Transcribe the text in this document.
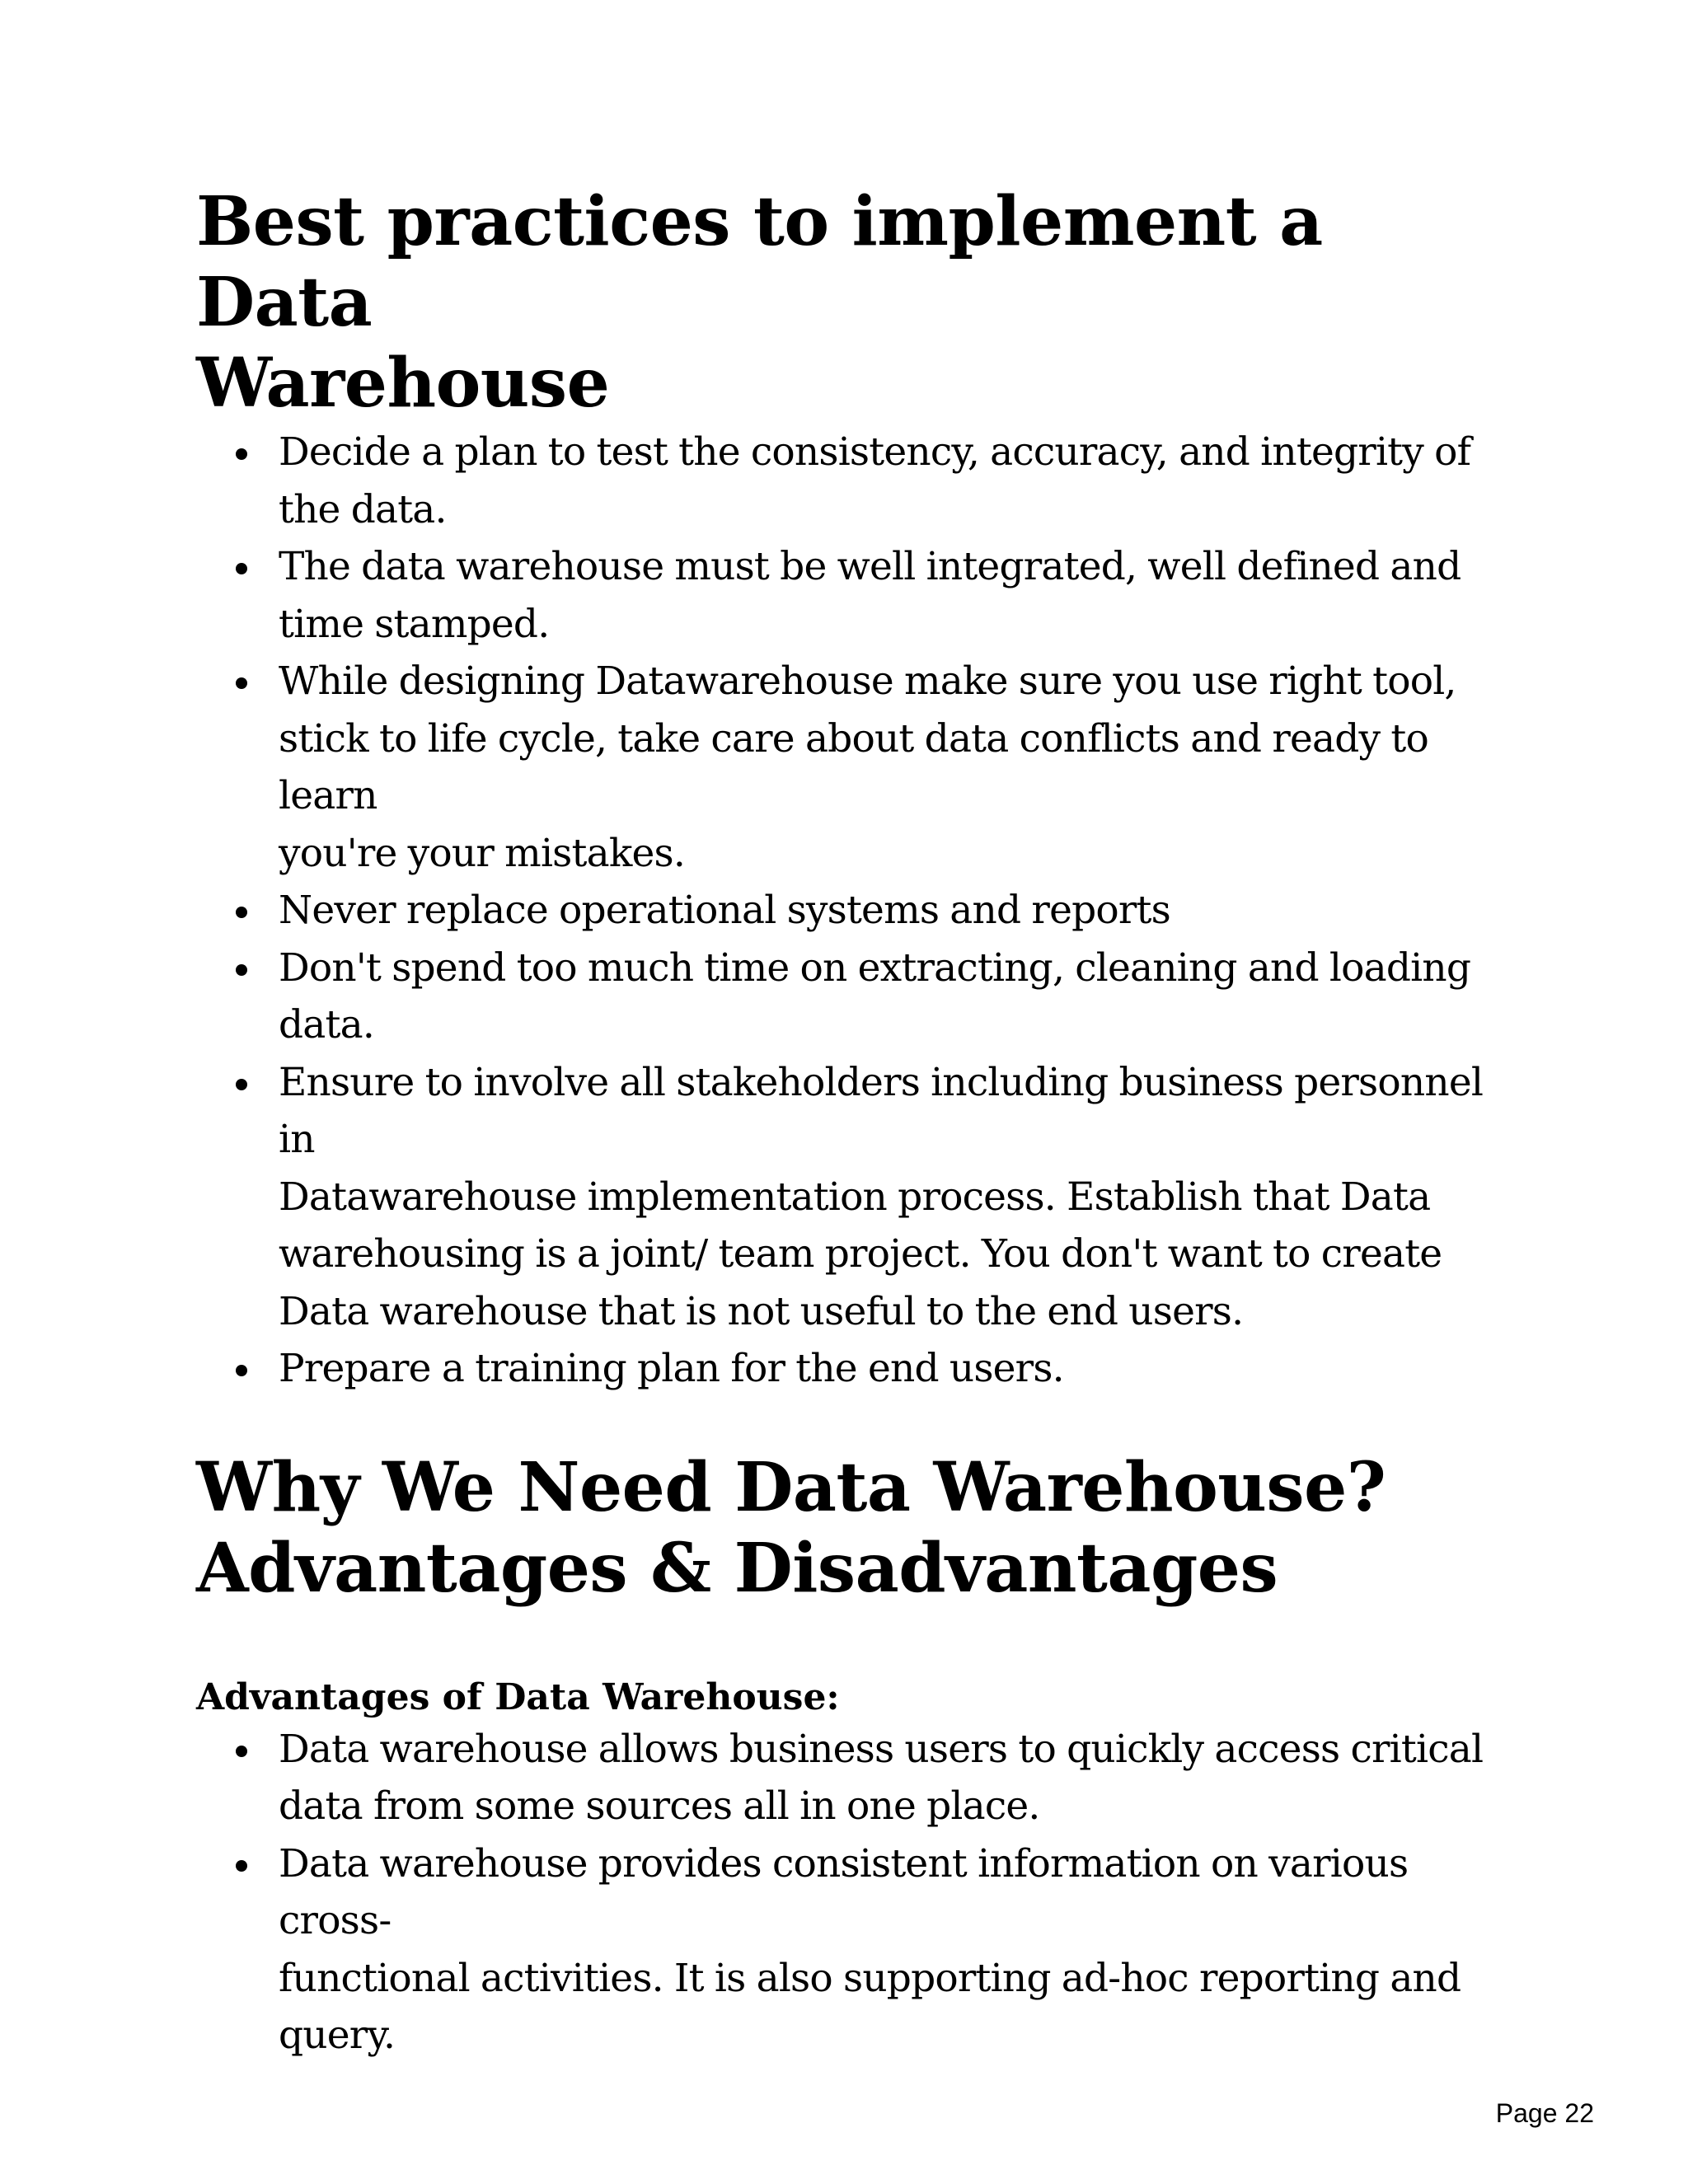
Best practices to implement a Data
Warehouse
Decide a plan to test the consistency, accuracy, and integrity of
the data.
The data warehouse must be well integrated, well defined and
time stamped.
While designing Datawarehouse make sure you use right tool,
stick to life cycle, take care about data conflicts and ready to learn
you're your mistakes.
Never replace operational systems and reports
Don't spend too much time on extracting, cleaning and loading
data.
Ensure to involve all stakeholders including business personnel in
Datawarehouse implementation process. Establish that Data
warehousing is a joint/ team project. You don't want to create
Data warehouse that is not useful to the end users.
Prepare a training plan for the end users.
Why We Need Data Warehouse?
Advantages & Disadvantages
Advantages of Data Warehouse:
Data warehouse allows business users to quickly access critical
data from some sources all in one place.
Data warehouse provides consistent information on various cross-
functional activities. It is also supporting ad-hoc reporting and
query.
Page 22
